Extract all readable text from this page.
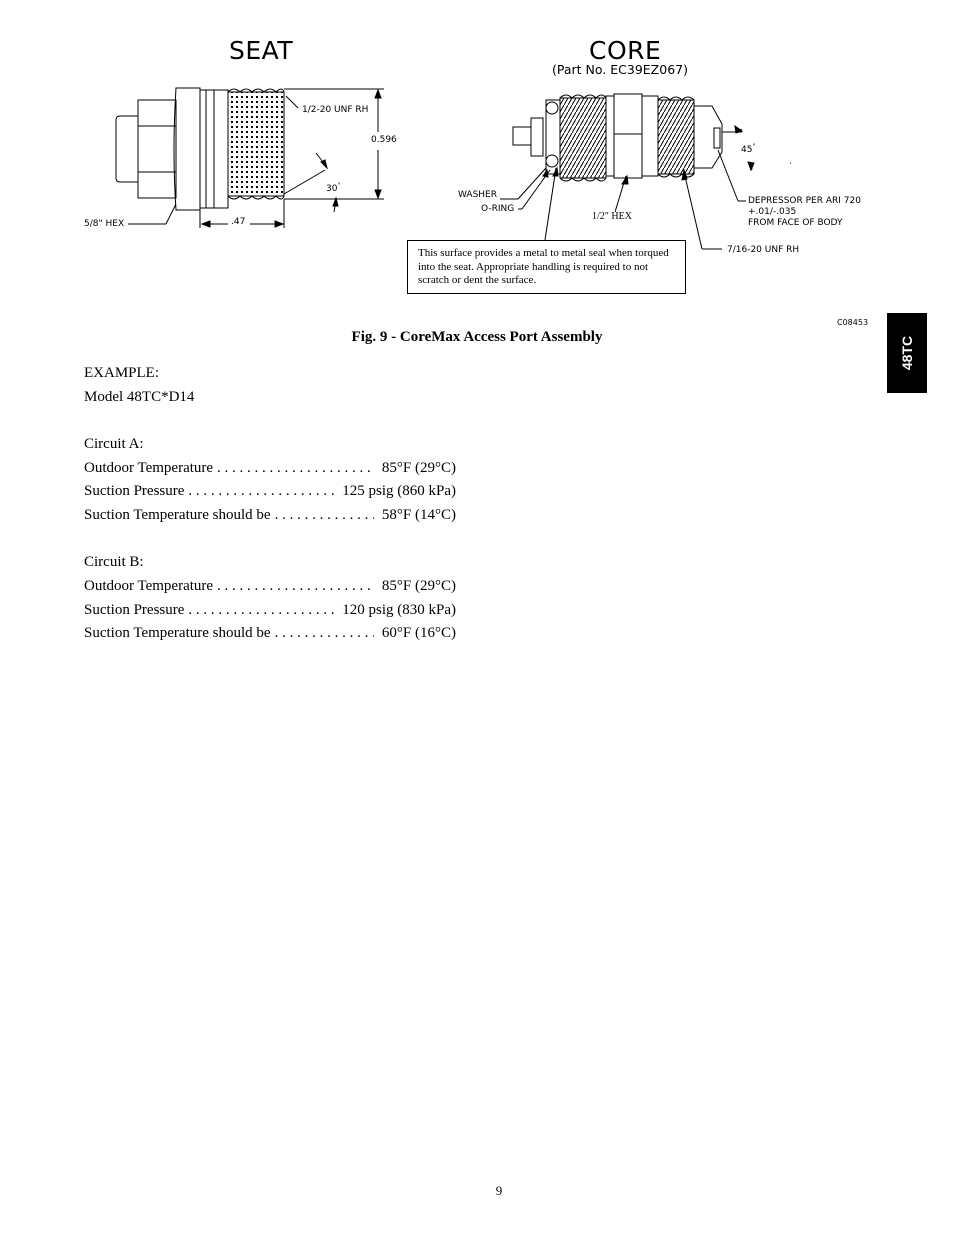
SEAT	CORE
(Part No. EC39EZ067)
1/2-20 UNF RH
0.596
30°
5/8" HEX	.47
WASHER
O-RING
1/2" HEX
45°
DEPRESSOR PER ARI 720
+.01/-.035
FROM FACE OF BODY
7/16-20 UNF RH
This surface provides a metal to metal seal when torqued into the seat. Appropriate handling is required to not scratch or dent the surface.
C08453
Fig. 9 - CoreMax Access Port Assembly	48TC
EXAMPLE:
Model 48TC*D14
Circuit A:
Outdoor Temperature . . .	85°F (29°C)
Suction Pressure . . .	125 psig (860 kPa)
Suction Temperature should be . . .	58°F (14°C)
Circuit B:
Outdoor Temperature . . .	85°F (29°C)
Suction Pressure . . .	120 psig (830 kPa)
Suction Temperature should be . . .	60°F (16°C)
9
